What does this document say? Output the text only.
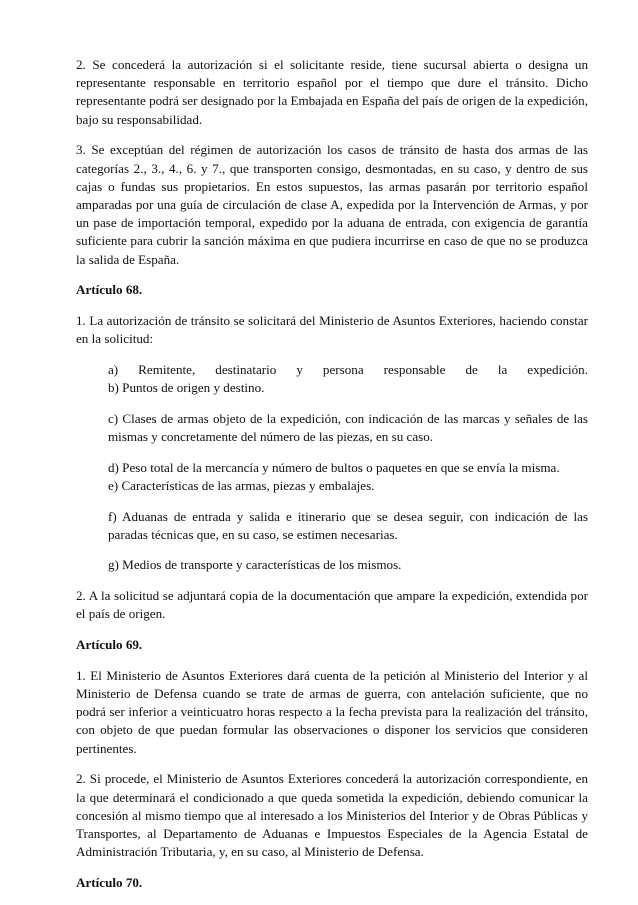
2. Se concederá la autorización si el solicitante reside, tiene sucursal abierta o designa un representante responsable en territorio español por el tiempo que dure el tránsito. Dicho representante podrá ser designado por la Embajada en España del país de origen de la expedición, bajo su responsabilidad.

3. Se exceptúan del régimen de autorización los casos de tránsito de hasta dos armas de las categorías 2., 3., 4., 6. y 7., que transporten consigo, desmontadas, en su caso, y dentro de sus cajas o fundas sus propietarios. En estos supuestos, las armas pasarán por territorio español amparadas por una guía de circulación de clase A, expedida por la Intervención de Armas, y por un pase de importación temporal, expedido por la aduana de entrada, con exigencia de garantía suficiente para cubrir la sanción máxima en que pudiera incurrirse en caso de que no se produzca la salida de España.

Artículo 68.

1. La autorización de tránsito se solicitará del Ministerio de Asuntos Exteriores, haciendo constar en la solicitud:

a) Remitente, destinatario y persona responsable de la expedición.
b) Puntos de origen y destino.
c) Clases de armas objeto de la expedición, con indicación de las marcas y señales de las mismas y concretamente del número de las piezas, en su caso.
d) Peso total de la mercancía y número de bultos o paquetes en que se envía la misma.
e) Características de las armas, piezas y embalajes.
f) Aduanas de entrada y salida e itinerario que se desea seguir, con indicación de las paradas técnicas que, en su caso, se estimen necesarias.
g) Medios de transporte y características de los mismos.

2. A la solicitud se adjuntará copia de la documentación que ampare la expedición, extendida por el país de origen.

Artículo 69.

1. El Ministerio de Asuntos Exteriores dará cuenta de la petición al Ministerio del Interior y al Ministerio de Defensa cuando se trate de armas de guerra, con antelación suficiente, que no podrá ser inferior a veinticuatro horas respecto a la fecha prevista para la realización del tránsito, con objeto de que puedan formular las observaciones o disponer los servicios que consideren pertinentes.

2. Si procede, el Ministerio de Asuntos Exteriores concederá la autorización correspondiente, en la que determinará el condicionado a que queda sometida la expedición, debiendo comunicar la concesión al mismo tiempo que al interesado a los Ministerios del Interior y de Obras Públicas y Transportes, al Departamento de Aduanas e Impuestos Especiales de la Agencia Estatal de Administración Tributaria, y, en su caso, al Ministerio de Defensa.

Artículo 70.
